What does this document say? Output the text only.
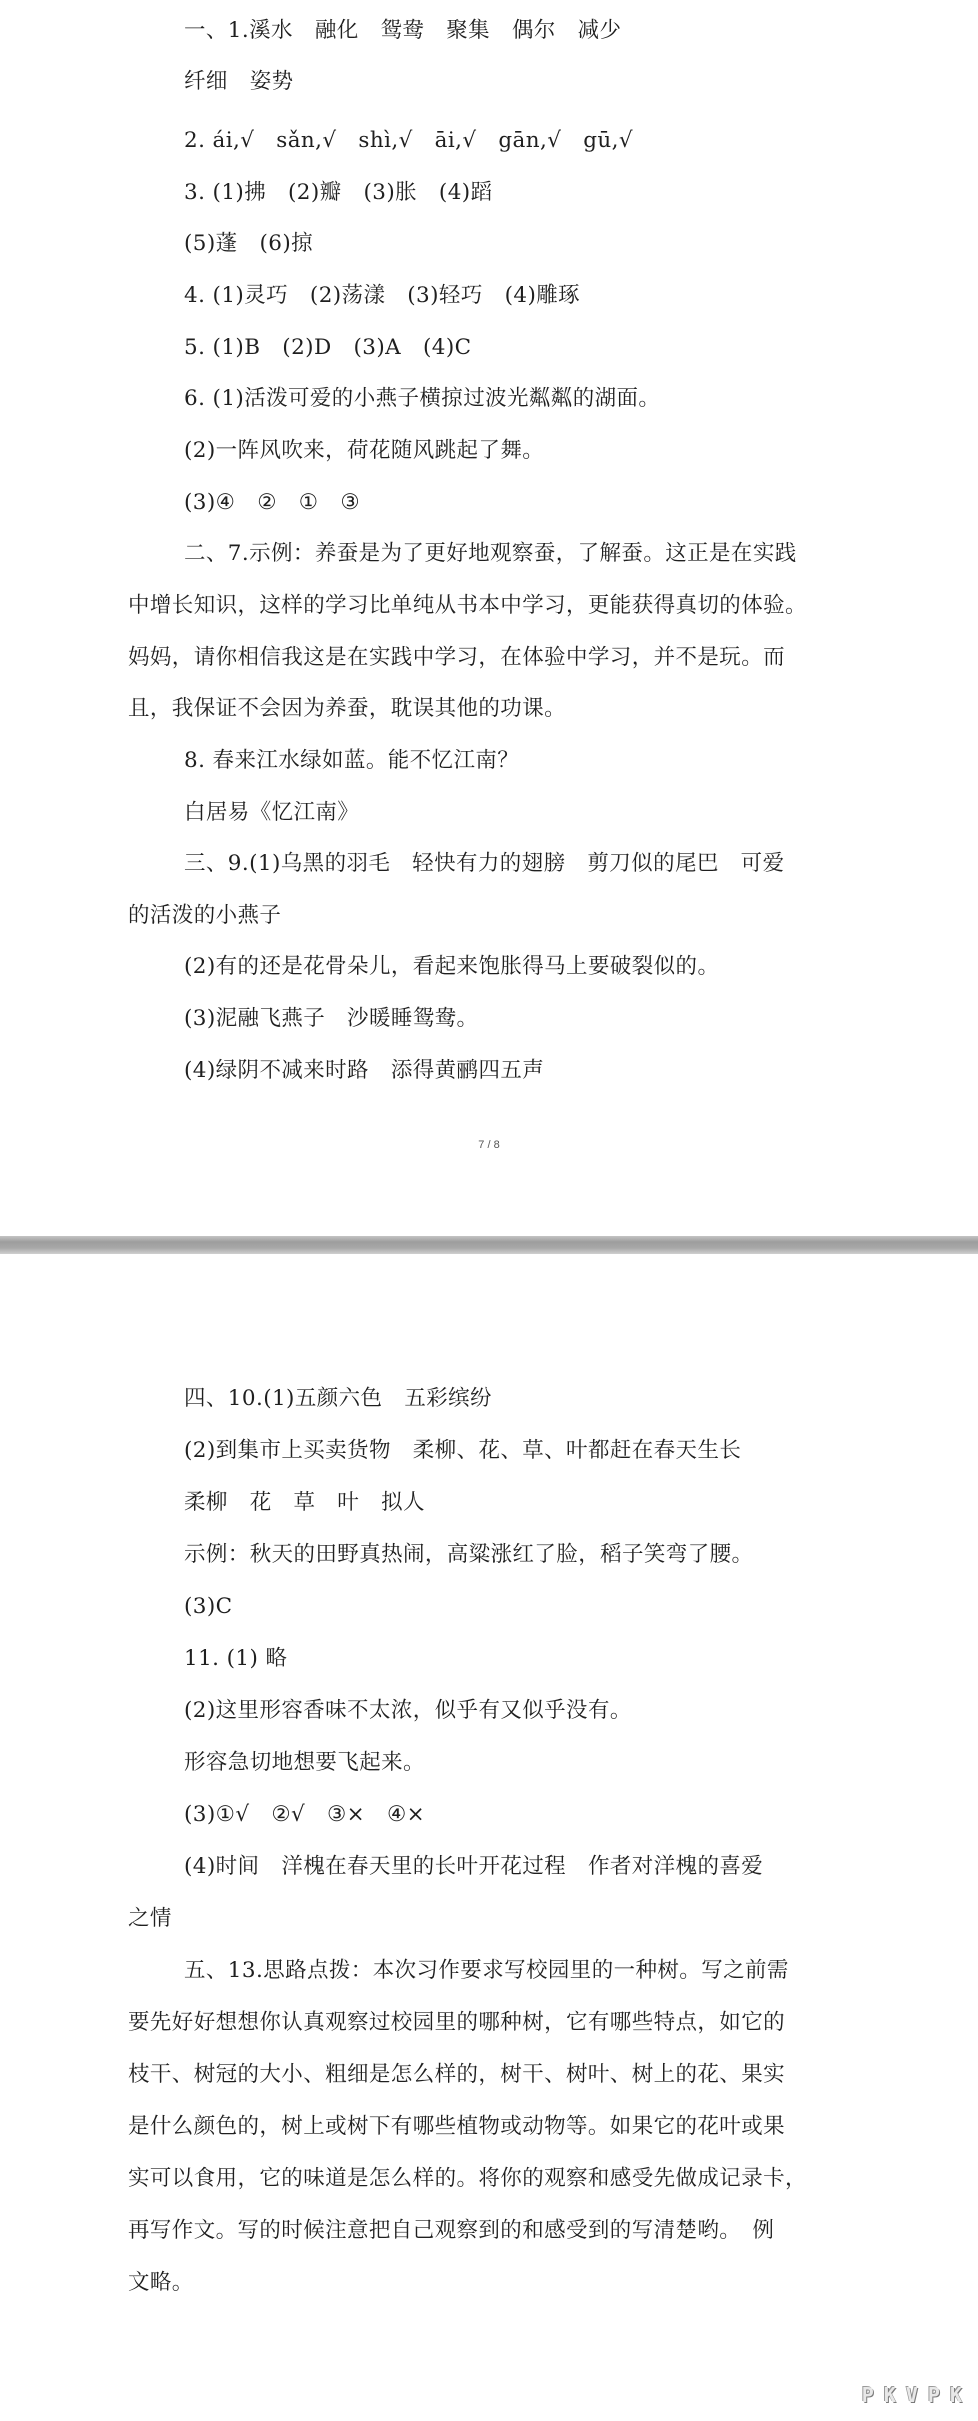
一、1.溪水　融化　鸳鸯　聚集　偶尔　减少
纤细　姿势
2. ái,√　sǎn,√　shì,√　āi,√　gān,√　gū,√
3. (1)拂　(2)瓣　(3)胀　(4)蹈
(5)蓬　(6)掠
4. (1)灵巧　(2)荡漾　(3)轻巧　(4)雕琢
5. (1)B　(2)D　(3)A　(4)C
6. (1)活泼可爱的小燕子横掠过波光粼粼的湖面。
(2)一阵风吹来，荷花随风跳起了舞。
(3)④　②　①　③
二、7.示例：养蚕是为了更好地观察蚕，了解蚕。这正是在实践
中增长知识，这样的学习比单纯从书本中学习，更能获得真切的体验。
妈妈，请你相信我这是在实践中学习，在体验中学习，并不是玩。而
且，我保证不会因为养蚕，耽误其他的功课。
8. 春来江水绿如蓝。能不忆江南？
白居易《忆江南》
三、9.(1)乌黑的羽毛　轻快有力的翅膀　剪刀似的尾巴　可爱
的活泼的小燕子
(2)有的还是花骨朵儿，看起来饱胀得马上要破裂似的。
(3)泥融飞燕子　沙暖睡鸳鸯。
(4)绿阴不减来时路　添得黄鹂四五声
7 / 8
四、10.(1)五颜六色　五彩缤纷
(2)到集市上买卖货物　柔柳、花、草、叶都赶在春天生长
柔柳　花　草　叶　拟人
示例：秋天的田野真热闹，高粱涨红了脸，稻子笑弯了腰。
(3)C
11. (1) 略
(2)这里形容香味不太浓，似乎有又似乎没有。
形容急切地想要飞起来。
(3)①√　②√　③×　④×
(4)时间　洋槐在春天里的长叶开花过程　作者对洋槐的喜爱
之情
五、13.思路点拨：本次习作要求写校园里的一种树。写之前需
要先好好想想你认真观察过校园里的哪种树，它有哪些特点，如它的
枝干、树冠的大小、粗细是怎么样的，树干、树叶、树上的花、果实
是什么颜色的，树上或树下有哪些植物或动物等。如果它的花叶或果
实可以食用，它的味道是怎么样的。将你的观察和感受先做成记录卡，
再写作文。写的时候注意把自己观察到的和感受到的写清楚哟。　例
文略。
PKVPK
